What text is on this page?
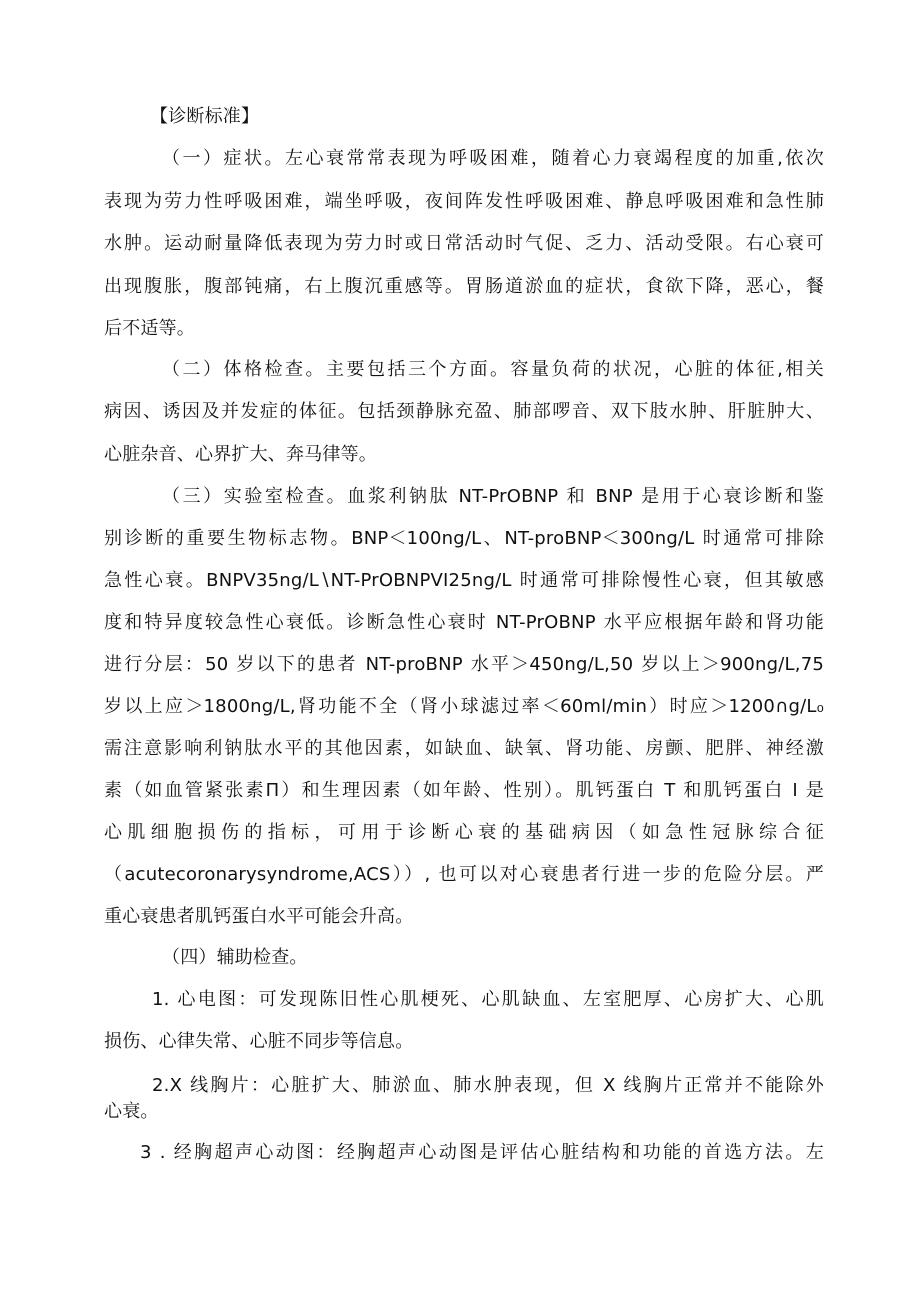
【诊断标准】
（一）症状。左心衰常常表现为呼吸困难，随着心力衰竭程度的加重,依次
表现为劳力性呼吸困难，端坐呼吸，夜间阵发性呼吸困难、静息呼吸困难和急性肺
水肿。运动耐量降低表现为劳力时或日常活动时气促、乏力、活动受限。右心衰可
出现腹胀，腹部钝痛，右上腹沉重感等。胃肠道淤血的症状，食欲下降，恶心，餐
后不适等。
（二）体格检查。主要包括三个方面。容量负荷的状况，心脏的体征,相关
病因、诱因及并发症的体征。包括颈静脉充盈、肺部啰音、双下肢水肿、肝脏肿大、
心脏杂音、心界扩大、奔马律等。
（三）实验室检查。血浆利钠肽 NT-PrOBNP 和 BNP 是用于心衰诊断和鉴
别诊断的重要生物标志物。BNP＜100ng/L、NT-proBNP＜300ng/L 时通常可排除
急性心衰。BNPV35ng∕L∖NT-PrOBNPVI25ng/L 时通常可排除慢性心衰，但其敏感
度和特异度较急性心衰低。诊断急性心衰时 NT-PrOBNP 水平应根据年龄和肾功能
进行分层：50 岁以下的患者 NT-proBNP 水平＞450ng/L,50 岁以上＞900ng/L,75
岁以上应＞1800ng/L,肾功能不全（肾小球滤过率＜60ml∕min）时应＞1200∩g∕L₀
需注意影响利钠肽水平的其他因素，如缺血、缺氧、肾功能、房颤、肥胖、神经激
素（如血管紧张素Π）和生理因素（如年龄、性别）。肌钙蛋白 T 和肌钙蛋白 I 是
心肌细胞损伤的指标，可用于诊断心衰的基础病因（如急性冠脉综合征
（acutecoronarysyndrome,ACS））, 也可以对心衰患者行进一步的危险分层。严
重心衰患者肌钙蛋白水平可能会升高。
（四）辅助检查。
1. 心电图：可发现陈旧性心肌梗死、心肌缺血、左室肥厚、心房扩大、心肌
损伤、心律失常、心脏不同步等信息。
2.X 线胸片：心脏扩大、肺淤血、肺水肿表现，但 X 线胸片正常并不能除外
心衰。
3 . 经胸超声心动图：经胸超声心动图是评估心脏结构和功能的首选方法。左
